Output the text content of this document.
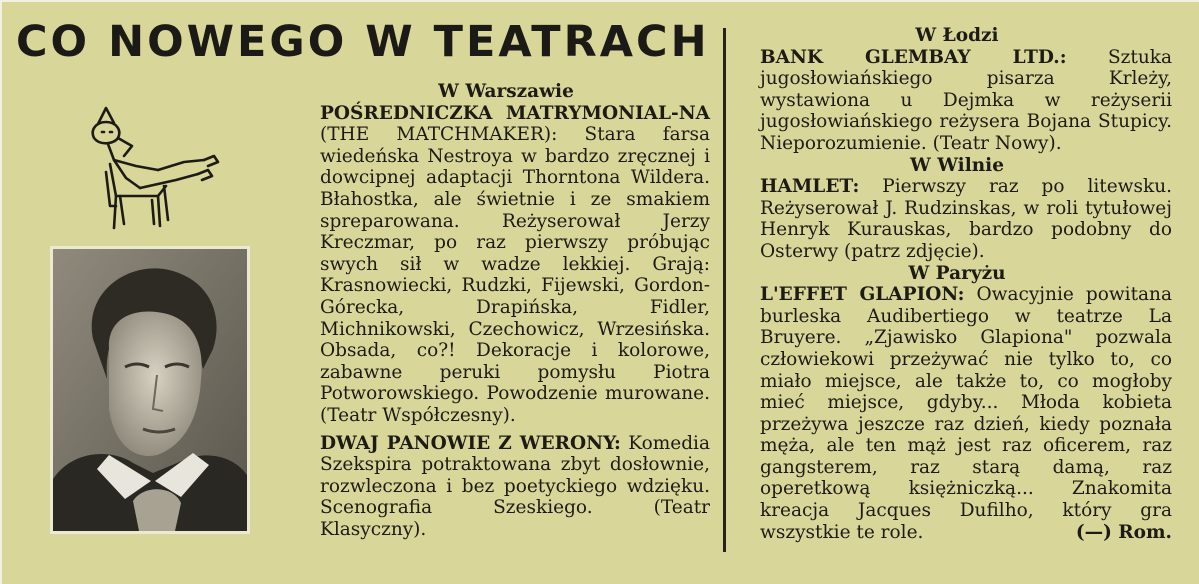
CO NOWEGO W TEATRACH
W Warszawie

POŚREDNICZKA MATRYMONIAL-NA (THE MATCHMAKER): Stara farsa wiedeńska Nestroya w bardzo zręcznej i dowcipnej adaptacji Thorntona Wildera. Błahostka, ale świetnie i ze smakiem spreparowana. Reżyserował Jerzy Kreczmar, po raz pierwszy próbując swych sił w wadze lekkiej. Grają: Krasnowiecki, Rudzki, Fijewski, Gordon-Górecka, Drapińska, Fidler, Michnikowski, Czechowicz, Wrzesińska. Obsada, co?! Dekoracje i kolorowe, zabawne peruki pomysłu Piotra Potworowskiego. Powodzenie murowane. (Teatr Współczesny).

DWAJ PANOWIE Z WERONY: Komedia Szekspira potraktowana zbyt dosłownie, rozwleczona i bez poetyckiego wdzięku. Scenografia Szeskiego. (Teatr Klasyczny).

W Łodzi

BANK GLEMBAY LTD.: Sztuka jugosłowiańskiego pisarza Krleży, wystawiona u Dejmka w reżyserii jugosłowiańskiego reżysera Bojana Stupicy. Nieporozumienie. (Teatr Nowy).

W Wilnie

HAMLET: Pierwszy raz po litewsku. Reżyserował J. Rudzinskas, w roli tytułowej Henryk Kurauskas, bardzo podobny do Osterwy (patrz zdjęcie).

W Paryżu

L'EFFET GLAPION: Owacyjnie powitana burleska Audibertiego w teatrze La Bruyere. „Zjawisko Glapiona" pozwala człowiekowi przeżywać nie tylko to, co miało miejsce, ale także to, co mogłoby mieć miejsce, gdyby... Młoda kobieta przeżywa jeszcze raz dzień, kiedy poznała męża, ale ten mąż jest raz oficerem, raz gangsterem, raz starą damą, raz operetkową księżniczką... Znakomita kreacja Jacques Dufilho, który gra wszystkie te role.	(—) Rom.
